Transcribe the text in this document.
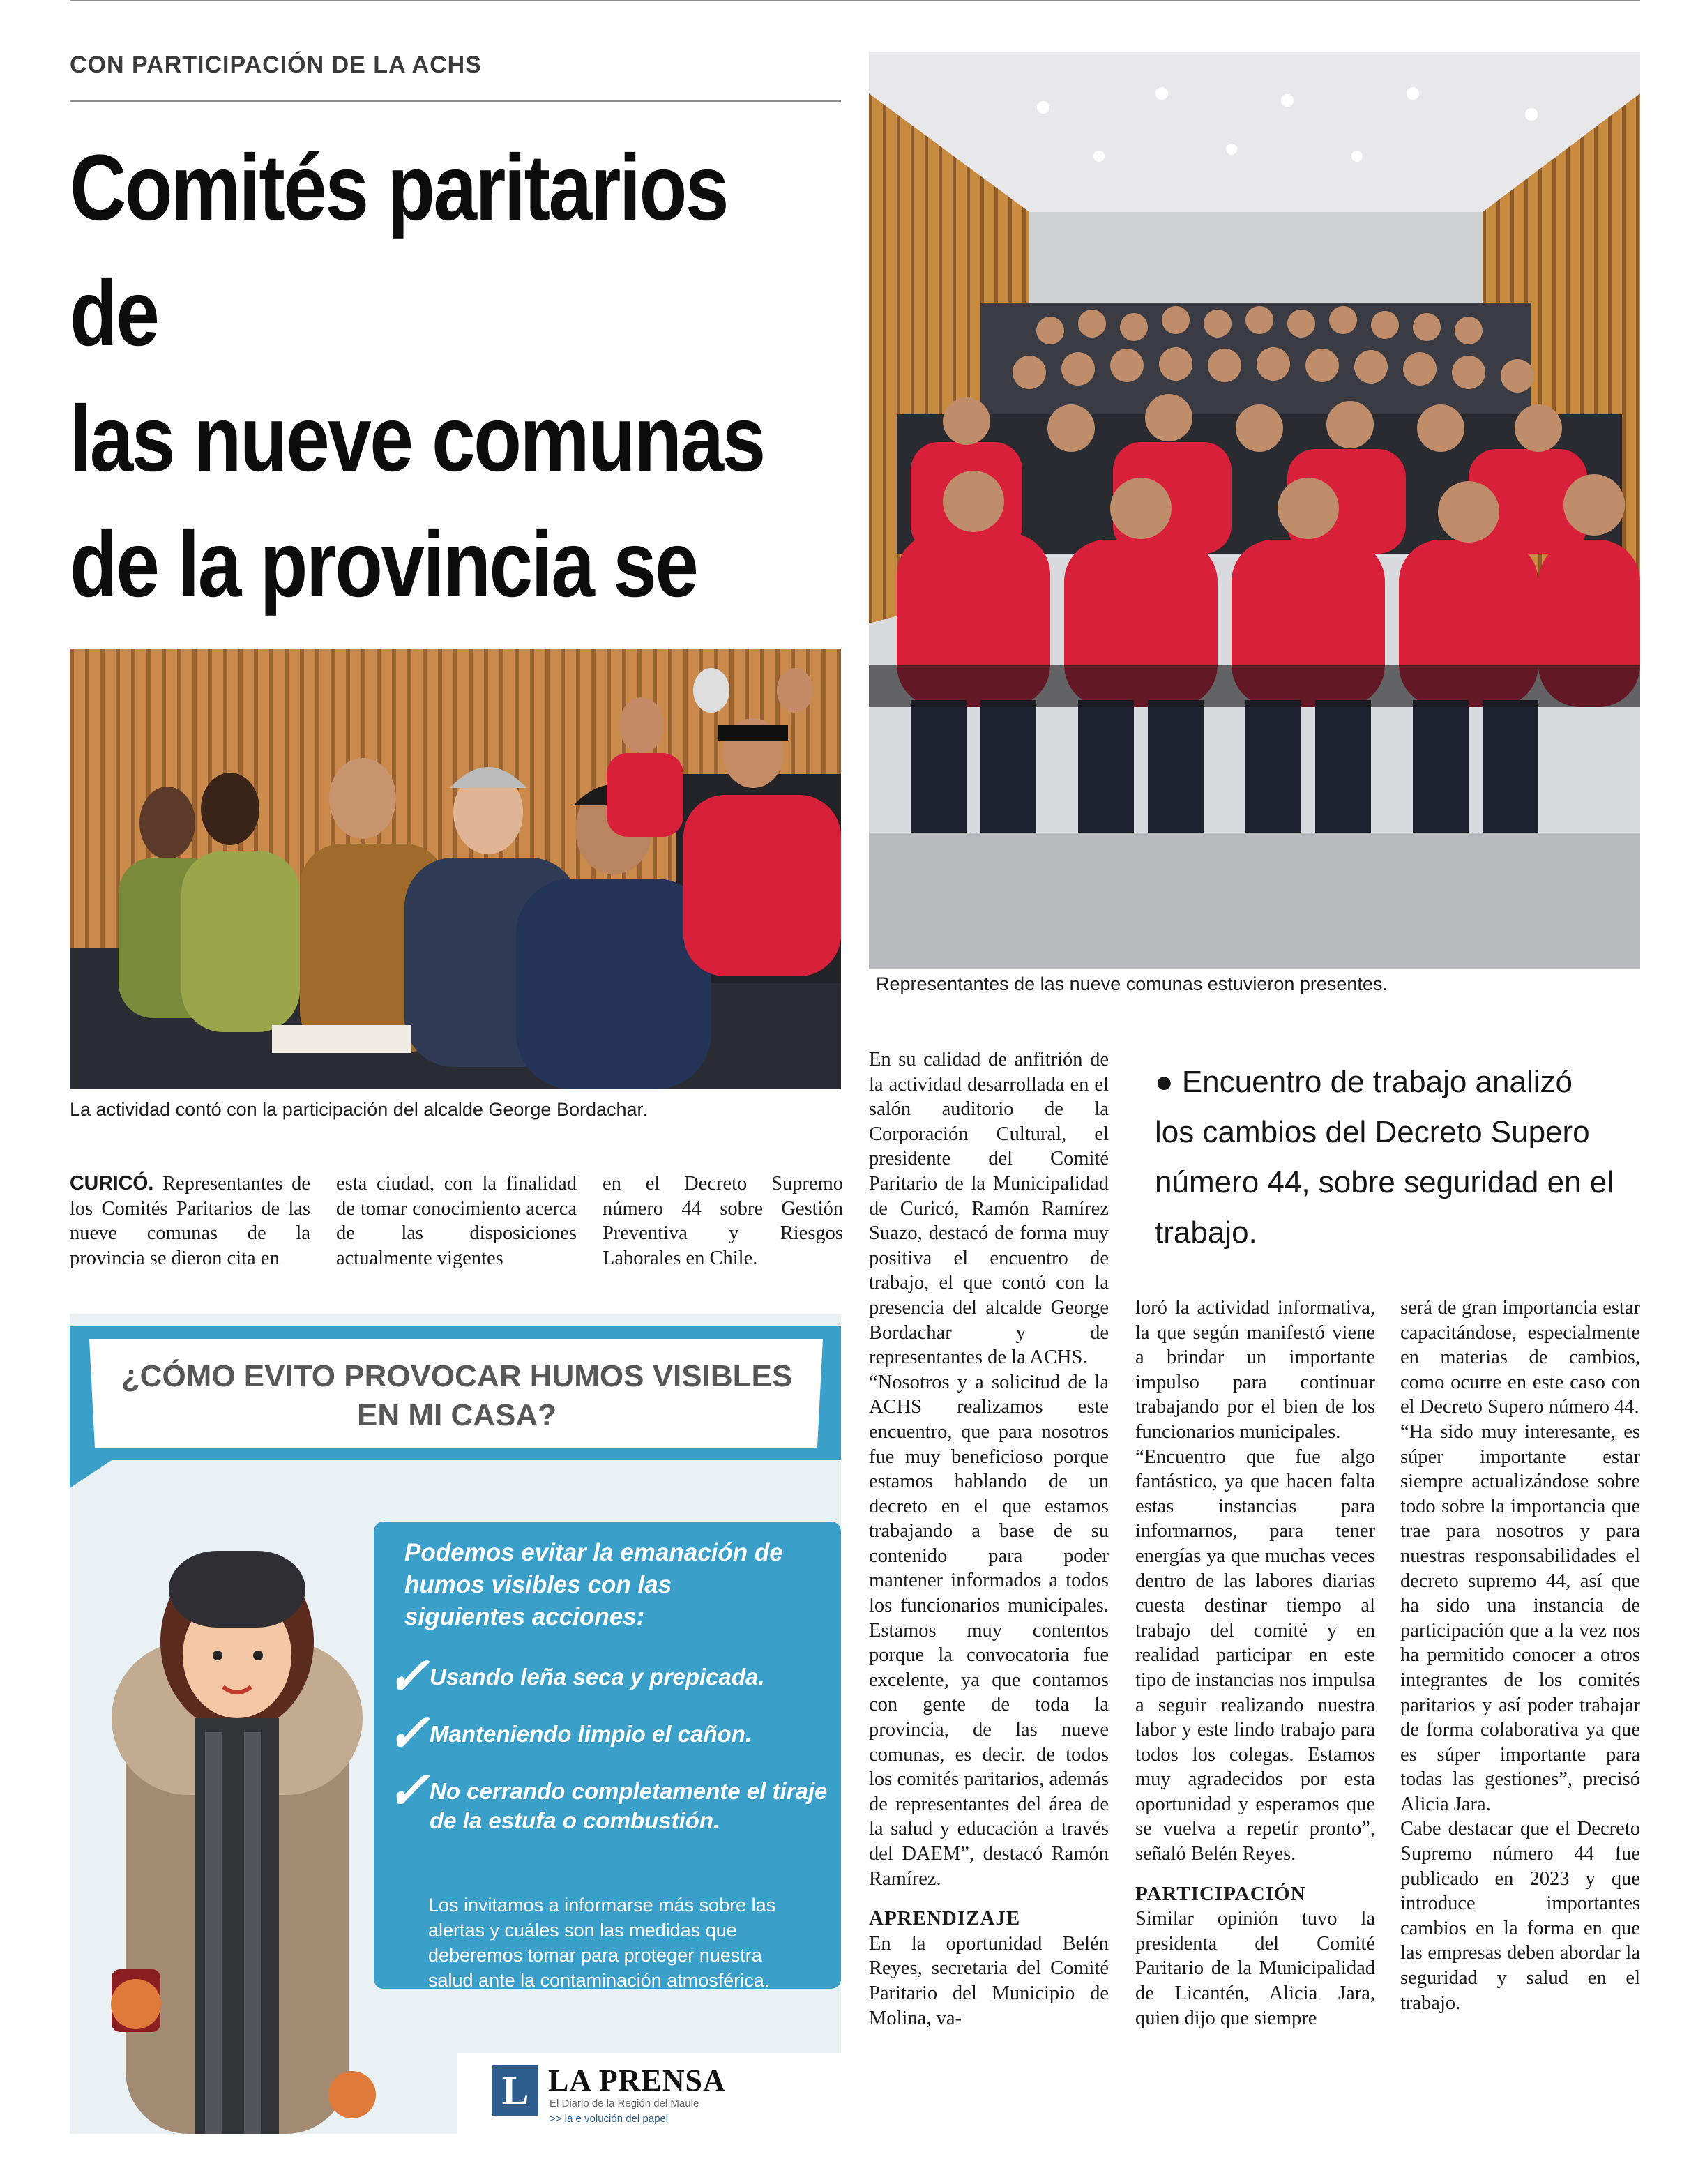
CON PARTICIPACIÓN DE LA ACHS
Comités paritarios de
las nueve comunas
de la provincia se
La actividad contó con la participación del alcalde George Bordachar.
Representantes de las nueve comunas estuvieron presentes.
● Encuentro de trabajo analizó
los cambios del Decreto Supero
número 44, sobre seguridad en el
trabajo.

CURICÓ. Representantes de los Comités Paritarios de las nueve comunas de la provincia se dieron cita en

esta ciudad, con la finalidad de tomar conocimiento acerca de las disposiciones actualmente vigentes

en el Decreto Supremo número 44 sobre Gestión Preventiva y Riesgos Laborales en Chile.

En su calidad de anfitrión de la actividad desarrollada en el salón auditorio de la Corporación Cultural, el presidente del Comité Paritario de la Municipalidad de Curicó, Ramón Ramírez Suazo, destacó de forma muy positiva el encuentro de trabajo, el que contó con la presencia del alcalde George Bordachar y de representantes de la ACHS.

“Nosotros y a solicitud de la ACHS realizamos este encuentro, que para nosotros fue muy beneficioso porque estamos hablando de un decreto en el que estamos trabajando a base de su contenido para poder mantener informados a todos los funcionarios municipales. Estamos muy contentos porque la convocatoria fue excelente, ya que contamos con gente de toda la provincia, de las nueve comunas, es decir. de todos los comités paritarios, además de representantes del área de la salud y educación a través del DAEM”, destacó Ramón Ramírez.

APRENDIZAJE

En la oportunidad Belén Reyes, secretaria del Comité Paritario del Municipio de Molina, va-

loró la actividad informativa, la que según manifestó viene a brindar un importante impulso para continuar trabajando por el bien de los funcionarios municipales.

“Encuentro que fue algo fantástico, ya que hacen falta estas instancias para informarnos, para tener energías ya que muchas veces dentro de las labores diarias cuesta destinar tiempo al trabajo del comité y en realidad participar en este tipo de instancias nos impulsa a seguir realizando nuestra labor y este lindo trabajo para todos los colegas. Estamos muy agradecidos por esta oportunidad y esperamos que se vuelva a repetir pronto”, señaló Belén Reyes.

PARTICIPACIÓN

Similar opinión tuvo la presidenta del Comité Paritario de la Municipalidad de Licantén, Alicia Jara, quien dijo que siempre

será de gran importancia estar capacitándose, especialmente en materias de cambios, como ocurre en este caso con el Decreto Supero número 44.

“Ha sido muy interesante, es súper importante estar siempre actualizándose sobre todo sobre la importancia que trae para nosotros y para nuestras responsabilidades el decreto supremo 44, así que ha sido una instancia de participación que a la vez nos ha permitido conocer a otros integrantes de los comités paritarios y así poder trabajar de forma colaborativa ya que es súper importante para todas las gestiones”, precisó Alicia Jara.

Cabe destacar que el Decreto Supremo número 44 fue publicado en 2023 y que introduce importantes cambios en la forma en que las empresas deben abordar la seguridad y salud en el trabajo.

¿CÓMO EVITO PROVOCAR HUMOS VISIBLES
EN MI CASA?
Podemos evitar la emanación de humos visibles con las siguientes acciones:
✓ Usando leña seca y prepicada.
✓ Manteniendo limpio el cañon.
✓ No cerrando completamente el tiraje de la estufa o combustión.
Los invitamos a informarse más sobre las alertas y cuáles son las medidas que deberemos tomar para proteger nuestra salud ante la contaminación atmosférica.
L LA PRENSA
El Diario de la Región del Maule
>> la e volución del papel
